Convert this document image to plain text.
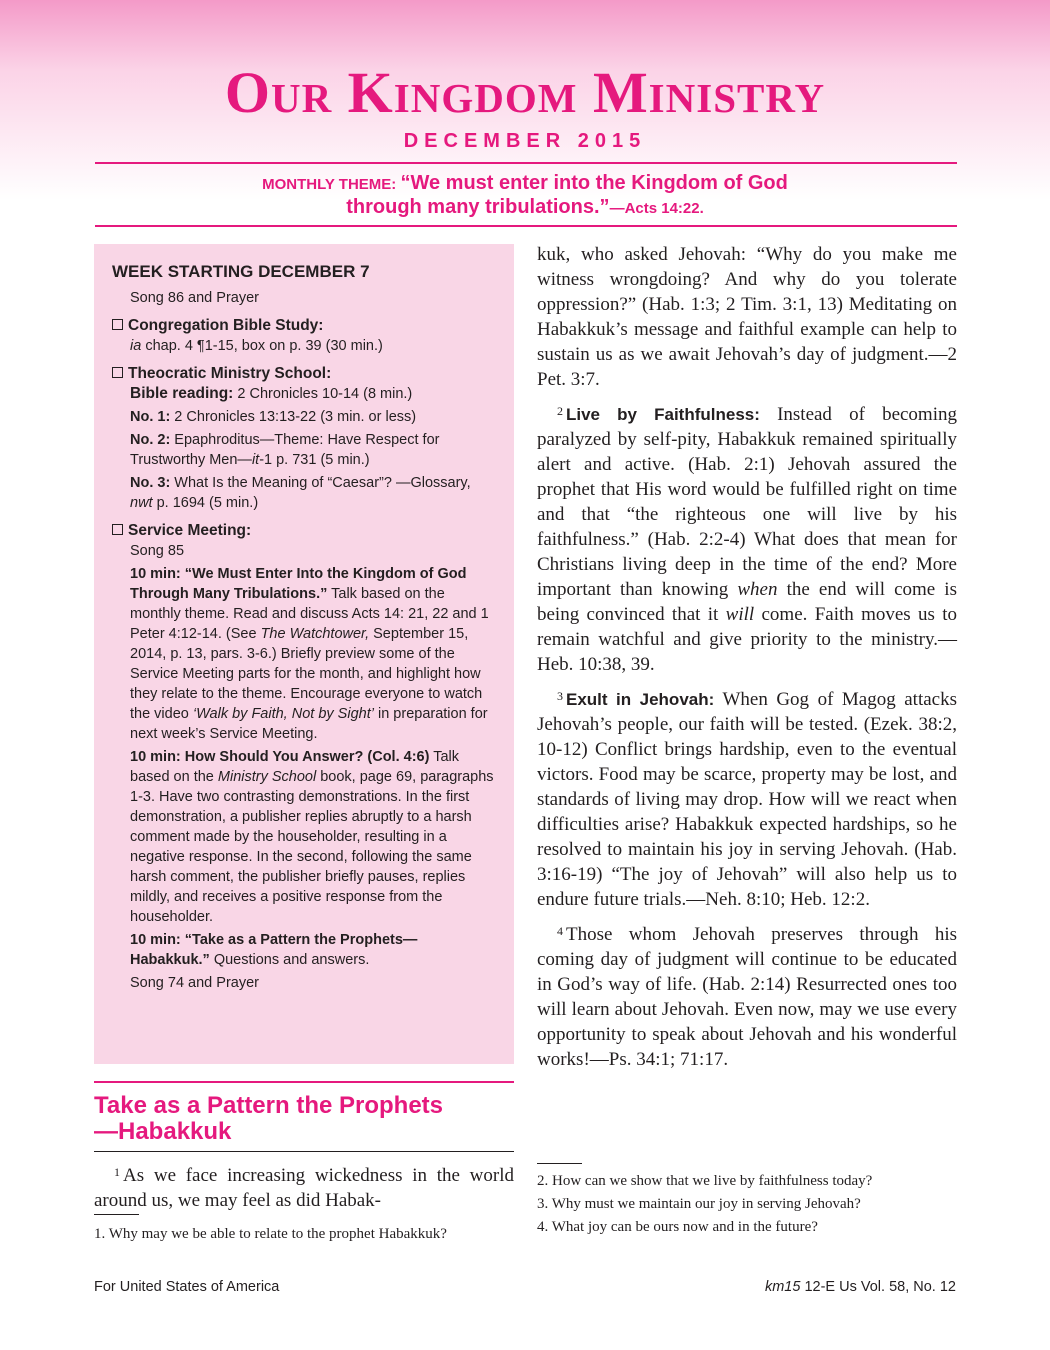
Our Kingdom Ministry
DECEMBER 2015
MONTHLY THEME: “We must enter into the Kingdom of God
through many tribulations.”—Acts 14:22.
WEEK STARTING DECEMBER 7
Song 86 and Prayer
Congregation Bible Study:
ia chap. 4 ¶1-15, box on p. 39 (30 min.)
Theocratic Ministry School:
Bible reading: 2 Chronicles 10-14 (8 min.)
No. 1: 2 Chronicles 13:13-22 (3 min. or less)
No. 2: Epaphroditus—Theme: Have Respect for Trustworthy Men—it-1 p. 731 (5 min.)
No. 3: What Is the Meaning of “Caesar”? —Glossary, nwt p. 1694 (5 min.)
Service Meeting:
Song 85
10 min: “We Must Enter Into the Kingdom of God Through Many Tribulations.” Talk based on the monthly theme. Read and discuss Acts 14: 21, 22 and 1 Peter 4:12-14. (See The Watchtower, September 15, 2014, p. 13, pars. 3-6.) Briefly preview some of the Service Meeting parts for the month, and highlight how they relate to the theme. Encourage everyone to watch the video ‘Walk by Faith, Not by Sight’ in preparation for next week’s Service Meeting.
10 min: How Should You Answer? (Col. 4:6) Talk based on the Ministry School book, page 69, paragraphs 1-3. Have two contrasting demonstrations. In the first demonstration, a publisher replies abruptly to a harsh comment made by the householder, resulting in a negative response. In the second, following the same harsh comment, the publisher briefly pauses, replies mildly, and receives a positive response from the householder.
10 min: “Take as a Pattern the Prophets—Habakkuk.” Questions and answers.
Song 74 and Prayer
Take as a Pattern the Prophets
—Habakkuk
$^1$ As we face increasing wickedness in the world around us, we may feel as did Habak-
1. Why may we be able to relate to the prophet Habakkuk?

kuk, who asked Jehovah: “Why do you make me witness wrongdoing? And why do you tolerate oppression?” (Hab. 1:3; 2 Tim. 3:1, 13) Meditating on Habakkuk’s message and faithful example can help to sustain us as we await Jehovah’s day of judgment.—2 Pet. 3:7.

$^2$ Live by Faithfulness: Instead of becoming paralyzed by self-pity, Habakkuk remained spiritually alert and active. (Hab. 2:1) Jehovah assured the prophet that His word would be fulfilled right on time and that “the righteous one will live by his faithfulness.” (Hab. 2:2-4) What does that mean for Christians living deep in the time of the end? More important than knowing when the end will come is being convinced that it will come. Faith moves us to remain watchful and give priority to the ministry.—Heb. 10:38, 39.

$^3$ Exult in Jehovah: When Gog of Magog attacks Jehovah’s people, our faith will be tested. (Ezek. 38:2, 10-12) Conflict brings hardship, even to the eventual victors. Food may be scarce, property may be lost, and standards of living may drop. How will we react when difficulties arise? Habakkuk expected hardships, so he resolved to maintain his joy in serving Jehovah. (Hab. 3:16-19) “The joy of Jehovah” will also help us to endure future trials.—Neh. 8:10; Heb. 12:2.

$^4$ Those whom Jehovah preserves through his coming day of judgment will continue to be educated in God’s way of life. (Hab. 2:14) Resurrected ones too will learn about Jehovah. Even now, may we use every opportunity to speak about Jehovah and his wonderful works!—Ps. 34:1; 71:17.

2. How can we show that we live by faithfulness today?
3. Why must we maintain our joy in serving Jehovah?
4. What joy can be ours now and in the future?
For United States of America	km15 12-E Us Vol. 58, No. 12
